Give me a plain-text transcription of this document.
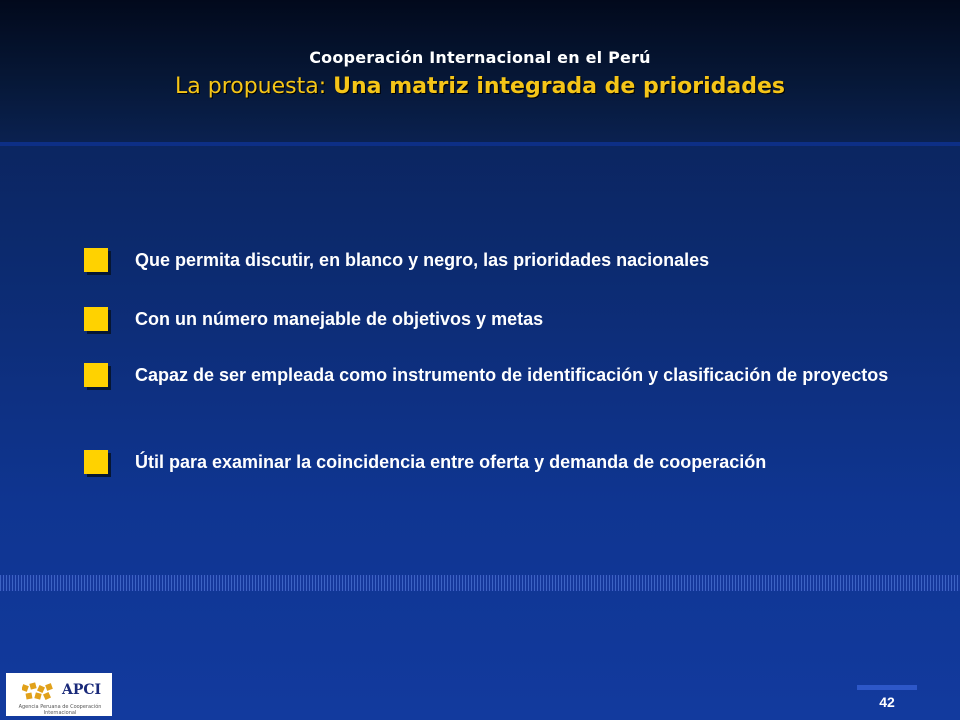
Cooperación Internacional en el Perú
La propuesta: Una matriz integrada de prioridades
Que permita discutir, en blanco y negro, las prioridades nacionales
Con un número manejable de objetivos y metas
Capaz de ser empleada como instrumento de identificación y clasificación de proyectos
Útil para examinar la coincidencia entre oferta y demanda de cooperación
APCI
Agencia Peruana de Cooperación Internacional
42
